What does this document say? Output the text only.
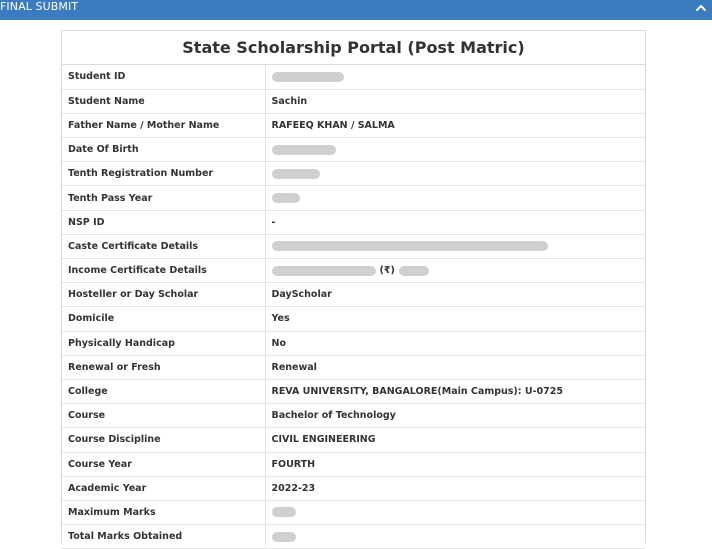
FINAL SUBMIT
State Scholarship Portal (Post Matric)
Student ID	
Student Name	Sachin
Father Name / Mother Name	RAFEEQ KHAN / SALMA
Date Of Birth	
Tenth Registration Number	
Tenth Pass Year	
NSP ID	-
Caste Certificate Details	
Income Certificate Details	(₹)
Hosteller or Day Scholar	DayScholar
Domicile	Yes
Physically Handicap	No
Renewal or Fresh	Renewal
College	REVA UNIVERSITY, BANGALORE(Main Campus): U-0725
Course	Bachelor of Technology
Course Discipline	CIVIL ENGINEERING
Course Year	FOURTH
Academic Year	2022-23
Maximum Marks	
Total Marks Obtained	
